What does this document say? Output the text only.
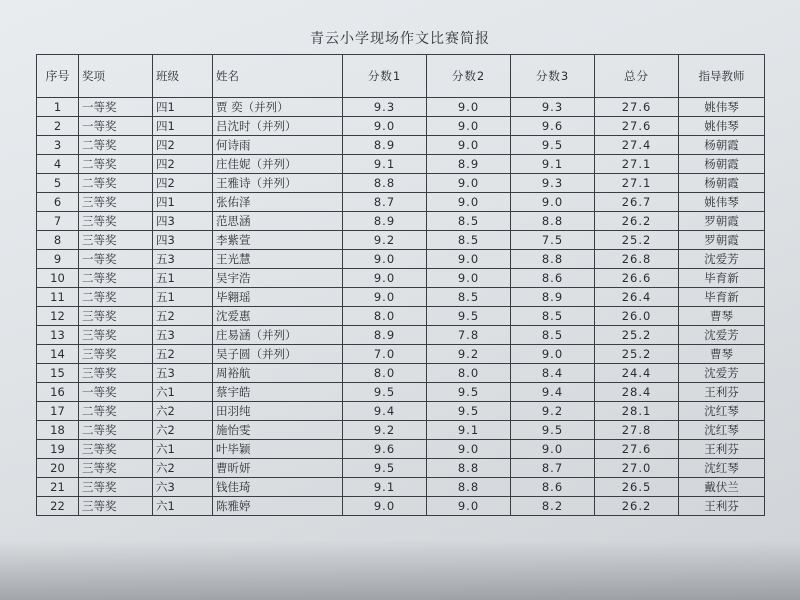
青云小学现场作文比赛简报
序号	奖项	班级	姓名	分数1	分数2	分数3	总分	指导教师
1	一等奖	四1	贾 奕（并列）	9.3	9.0	9.3	27.6	姚伟琴
2	一等奖	四1	吕沈时（并列）	9.0	9.0	9.6	27.6	姚伟琴
3	二等奖	四2	何诗雨	8.9	9.0	9.5	27.4	杨朝霞
4	二等奖	四2	庄佳妮（并列）	9.1	8.9	9.1	27.1	杨朝霞
5	二等奖	四2	王雅诗（并列）	8.8	9.0	9.3	27.1	杨朝霞
6	三等奖	四1	张佑泽	8.7	9.0	9.0	26.7	姚伟琴
7	三等奖	四3	范思涵	8.9	8.5	8.8	26.2	罗朝霞
8	三等奖	四3	李紫萱	9.2	8.5	7.5	25.2	罗朝霞
9	一等奖	五3	王光慧	9.0	9.0	8.8	26.8	沈爱芳
10	二等奖	五1	吴宇浩	9.0	9.0	8.6	26.6	毕育新
11	二等奖	五1	毕翱瑶	9.0	8.5	8.9	26.4	毕育新
12	三等奖	五2	沈爱惠	8.0	9.5	8.5	26.0	曹琴
13	三等奖	五3	庄易涵（并列）	8.9	7.8	8.5	25.2	沈爱芳
14	三等奖	五2	吴子圆（并列）	7.0	9.2	9.0	25.2	曹琴
15	三等奖	五3	周裕航	8.0	8.0	8.4	24.4	沈爱芳
16	一等奖	六1	蔡宇皓	9.5	9.5	9.4	28.4	王利芬
17	二等奖	六2	田羽纯	9.4	9.5	9.2	28.1	沈红琴
18	二等奖	六2	施怡雯	9.2	9.1	9.5	27.8	沈红琴
19	三等奖	六1	叶毕颖	9.6	9.0	9.0	27.6	王利芬
20	三等奖	六2	曹昕妍	9.5	8.8	8.7	27.0	沈红琴
21	三等奖	六3	钱佳琦	9.1	8.8	8.6	26.5	戴伏兰
22	三等奖	六1	陈雅婷	9.0	9.0	8.2	26.2	王利芬
